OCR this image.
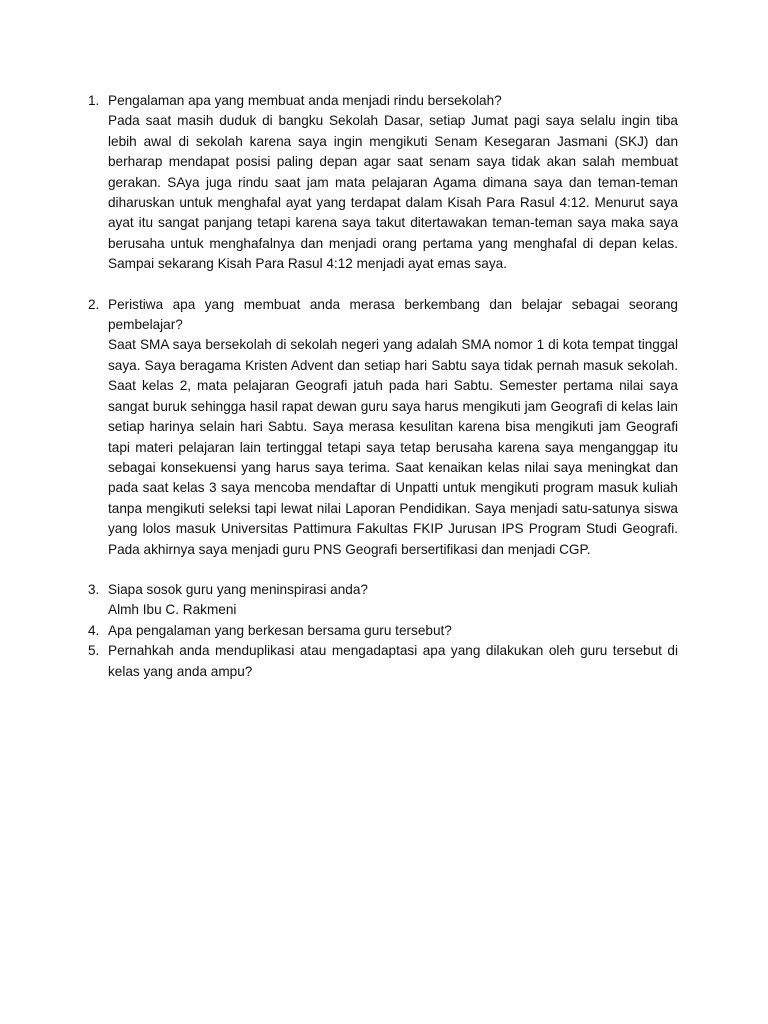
1. Pengalaman apa yang membuat anda menjadi rindu bersekolah?

Pada saat masih duduk di bangku Sekolah Dasar, setiap Jumat pagi saya selalu ingin tiba lebih awal di sekolah karena saya ingin mengikuti Senam Kesegaran Jasmani (SKJ) dan berharap mendapat posisi paling depan agar saat senam saya tidak akan salah membuat gerakan. SAya juga rindu saat jam mata pelajaran Agama dimana saya dan teman-teman diharuskan untuk menghafal ayat yang terdapat dalam Kisah Para Rasul 4:12. Menurut saya ayat itu sangat panjang tetapi karena saya takut ditertawakan teman-teman saya maka saya berusaha untuk menghafalnya dan menjadi orang pertama yang menghafal di depan kelas. Sampai sekarang Kisah Para Rasul 4:12 menjadi ayat emas saya.

2. Peristiwa apa yang membuat anda merasa berkembang dan belajar sebagai seorang pembelajar?

Saat SMA saya bersekolah di sekolah negeri yang adalah SMA nomor 1 di kota tempat tinggal saya. Saya beragama Kristen Advent dan setiap hari Sabtu saya tidak pernah masuk sekolah. Saat kelas 2, mata pelajaran Geografi jatuh pada hari Sabtu. Semester pertama nilai saya sangat buruk sehingga hasil rapat dewan guru saya harus mengikuti jam Geografi di kelas lain setiap harinya selain hari Sabtu. Saya merasa kesulitan karena bisa mengikuti jam Geografi tapi materi pelajaran lain tertinggal tetapi saya tetap berusaha karena saya menganggap itu sebagai konsekuensi yang harus saya terima. Saat kenaikan kelas nilai saya meningkat dan pada saat kelas 3 saya mencoba mendaftar di Unpatti untuk mengikuti program masuk kuliah tanpa mengikuti seleksi tapi lewat nilai Laporan Pendidikan. Saya menjadi satu-satunya siswa yang lolos masuk Universitas Pattimura Fakultas FKIP Jurusan IPS Program Studi Geografi. Pada akhirnya saya menjadi guru PNS Geografi bersertifikasi dan menjadi CGP.

3. Siapa sosok guru yang meninspirasi anda?

Almh Ibu C. Rakmeni

4. Apa pengalaman yang berkesan bersama guru tersebut?

5. Pernahkah anda menduplikasi atau mengadaptasi apa yang dilakukan oleh guru tersebut di kelas yang anda ampu?
